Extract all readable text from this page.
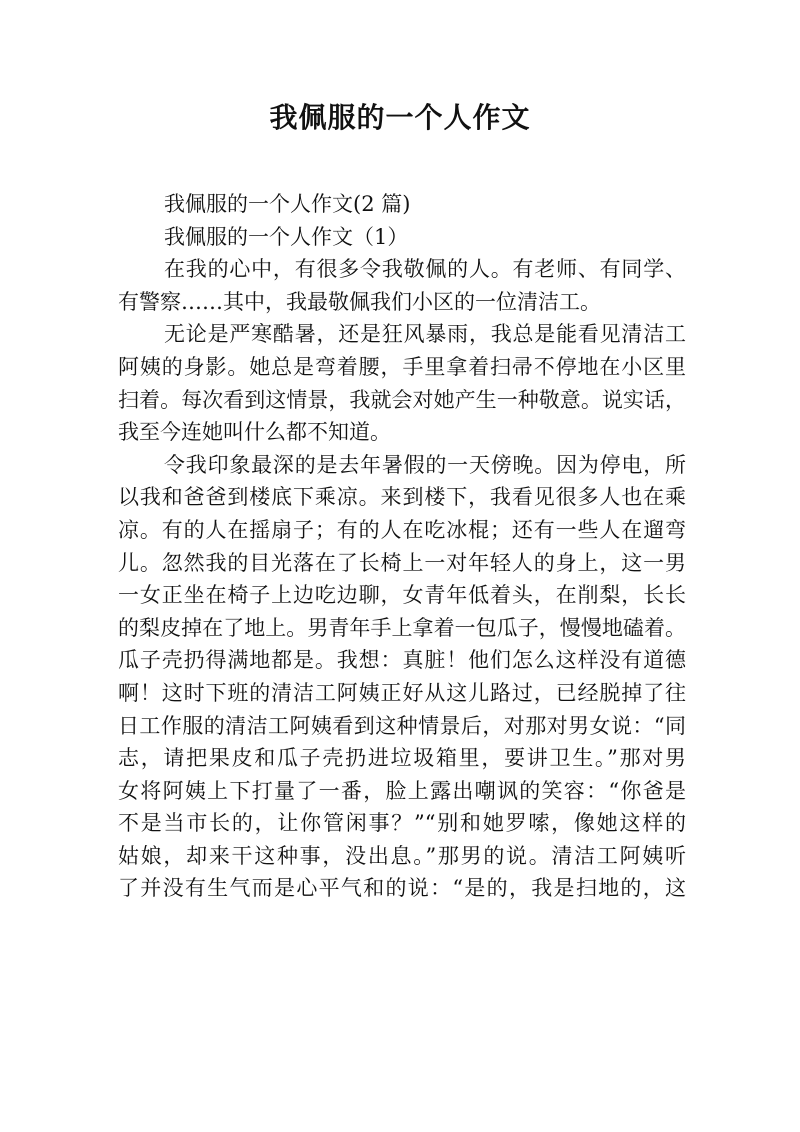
我佩服的一个人作文
我佩服的一个人作文(2 篇)
我佩服的一个人作文（1）
在我的心中，有很多令我敬佩的人。有老师、有同学、
有警察……其中，我最敬佩我们小区的一位清洁工。
无论是严寒酷暑，还是狂风暴雨，我总是能看见清洁工
阿姨的身影。她总是弯着腰，手里拿着扫帚不停地在小区里
扫着。每次看到这情景，我就会对她产生一种敬意。说实话，
我至今连她叫什么都不知道。
令我印象最深的是去年暑假的一天傍晚。因为停电，所
以我和爸爸到楼底下乘凉。来到楼下，我看见很多人也在乘
凉。有的人在摇扇子；有的人在吃冰棍；还有一些人在遛弯
儿。忽然我的目光落在了长椅上一对年轻人的身上，这一男
一女正坐在椅子上边吃边聊，女青年低着头，在削梨，长长
的梨皮掉在了地上。男青年手上拿着一包瓜子，慢慢地磕着。
瓜子壳扔得满地都是。我想：真脏！他们怎么这样没有道德
啊！这时下班的清洁工阿姨正好从这儿路过，已经脱掉了往
日工作服的清洁工阿姨看到这种情景后，对那对男女说：“同
志，请把果皮和瓜子壳扔进垃圾箱里，要讲卫生。”那对男
女将阿姨上下打量了一番，脸上露出嘲讽的笑容：“你爸是
不是当市长的，让你管闲事？”“别和她罗嗦，像她这样的
姑娘，却来干这种事，没出息。”那男的说。清洁工阿姨听
了并没有生气而是心平气和的说：“是的，我是扫地的，这
